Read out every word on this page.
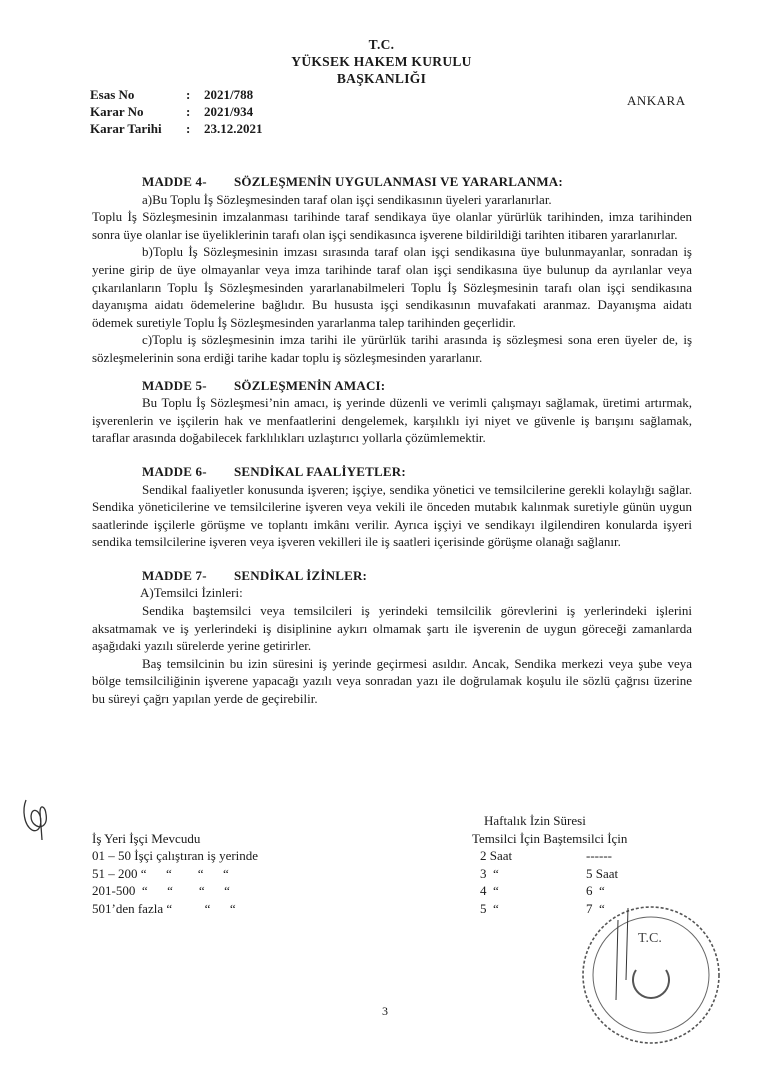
T.C.
YÜKSEK HAKEM KURULU
BAŞKANLIĞI
ANKARA
Esas No	:	2021/788
Karar No	:	2021/934
Karar Tarihi	:	23.12.2021
MADDE 4- SÖZLEŞMENİN UYGULANMASI VE YARARLANMA:

a)Bu Toplu İş Sözleşmesinden taraf olan işçi sendikasının üyeleri yararlanırlar.

Toplu İş Sözleşmesinin imzalanması tarihinde taraf sendikaya üye olanlar yürürlük tarihinden, imza tarihinden sonra üye olanlar ise üyeliklerinin tarafı olan işçi sendikasınca işverene bildirildiği tarihten itibaren yararlanırlar.

b)Toplu İş Sözleşmesinin imzası sırasında taraf olan işçi sendikasına üye bulunmayanlar, sonradan iş yerine girip de üye olmayanlar veya imza tarihinde taraf olan işçi sendikasına üye bulunup da ayrılanlar veya çıkarılanların Toplu İş Sözleşmesinden yararlanabilmeleri Toplu İş Sözleşmesinin tarafı olan işçi sendikasına dayanışma aidatı ödemelerine bağlıdır. Bu hususta işçi sendikasının muvafakati aranmaz. Dayanışma aidatı ödemek suretiyle Toplu İş Sözleşmesinden yararlanma talep tarihinden geçerlidir.

c)Toplu iş sözleşmesinin imza tarihi ile yürürlük tarihi arasında iş sözleşmesi sona eren üyeler de, iş sözleşmelerinin sona erdiği tarihe kadar toplu iş sözleşmesinden yararlanır.

MADDE 5- SÖZLEŞMENİN AMACI:

Bu Toplu İş Sözleşmesi’nin amacı, iş yerinde düzenli ve verimli çalışmayı sağlamak, üretimi artırmak, işverenlerin ve işçilerin hak ve menfaatlerini dengelemek, karşılıklı iyi niyet ve güvenle iş barışını sağlamak, taraflar arasında doğabilecek farklılıkları uzlaştırıcı yollarla çözümlemektir.

MADDE 6- SENDİKAL FAALİYETLER:

Sendikal faaliyetler konusunda işveren; işçiye, sendika yönetici ve temsilcilerine gerekli kolaylığı sağlar. Sendika yöneticilerine ve temsilcilerine işveren veya vekili ile önceden mutabık kalınmak suretiyle günün uygun saatlerinde işçilerle görüşme ve toplantı imkânı verilir. Ayrıca işçiyi ve sendikayı ilgilendiren konularda işyeri sendika temsilcilerine işveren veya işveren vekilleri ile iş saatleri içerisinde görüşme olanağı sağlanır.

MADDE 7- SENDİKAL İZİNLER:

A)Temsilci İzinleri:

Sendika baştemsilci veya temsilcileri iş yerindeki temsilcilik görevlerini iş yerlerindeki işlerini aksatmamak ve iş yerlerindeki iş disiplinine aykırı olmamak şartı ile işverenin de uygun göreceği zamanlarda aşağıdaki yazılı sürelerde yerine getirirler.

Baş temsilcinin bu izin süresini iş yerinde geçirmesi asıldır. Ancak, Sendika merkezi veya şube veya bölge temsilciliğinin işverene yapacağı yazılı veya sonradan yazı ile doğrulamak koşulu ile sözlü çağrısı üzerine bu süreyi çağrı yapılan yerde de geçirebilir.

Haftalık İzin Süresi
İş Yeri İşçi Mevcudu	Temsilci İçin Baştemsilci İçin
01 – 50 İşçi çalıştıran iş yerinde	2 Saat	------
51 – 200 “      “        “      “	3  “	5 Saat
201-500  “      “        “      “	4  “	6  “
501’den fazla “          “      “	5  “	7  “
T.C.
3
